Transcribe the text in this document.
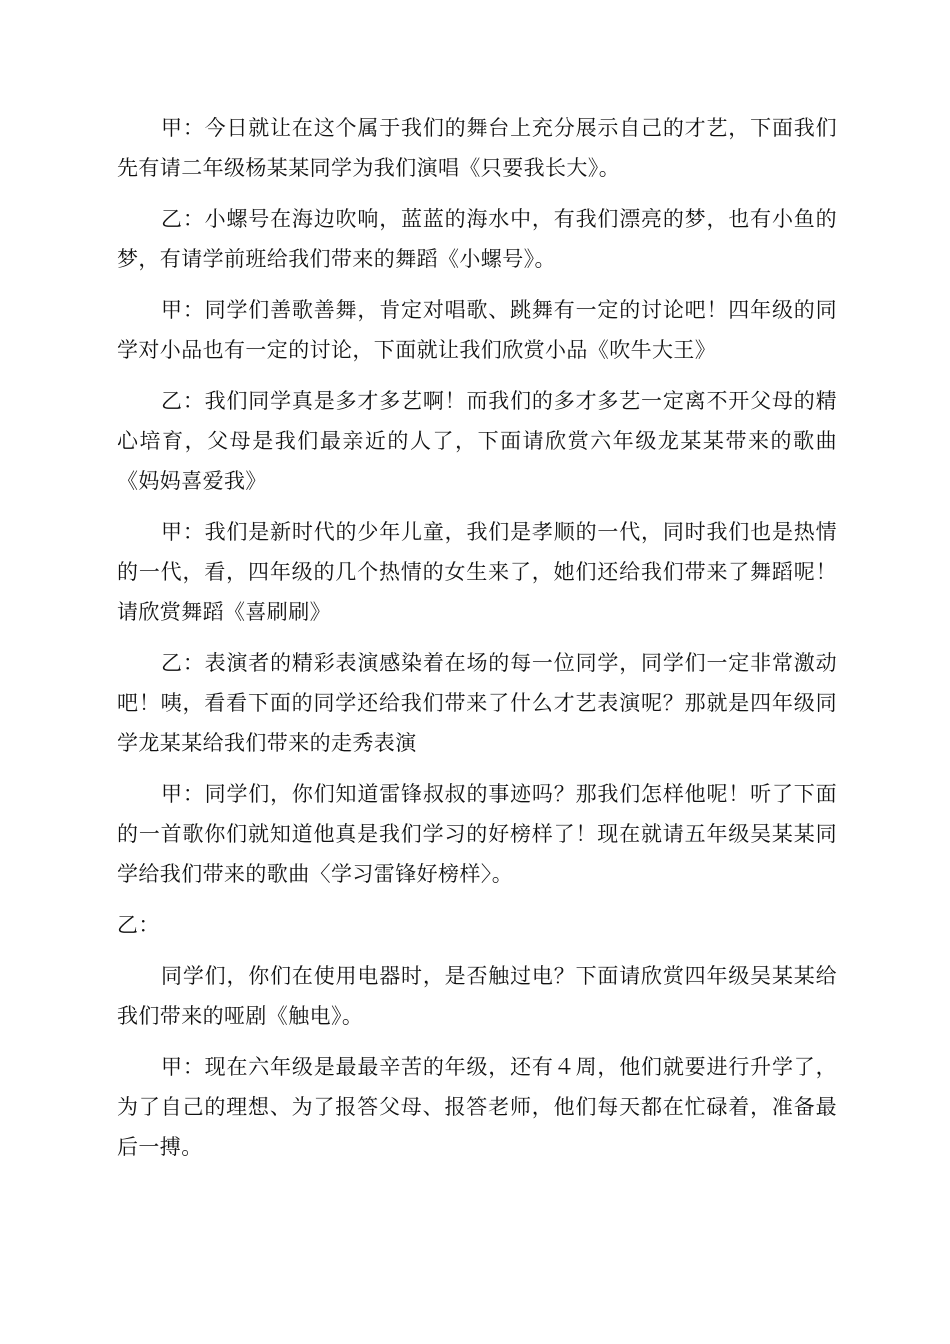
甲：今日就让在这个属于我们的舞台上充分展示自己的才艺，下面我们先有请二年级杨某某同学为我们演唱《只要我长大》。

乙：小螺号在海边吹响，蓝蓝的海水中，有我们漂亮的梦，也有小鱼的梦，有请学前班给我们带来的舞蹈《小螺号》。

甲：同学们善歌善舞，肯定对唱歌、跳舞有一定的讨论吧！四年级的同学对小品也有一定的讨论，下面就让我们欣赏小品《吹牛大王》

乙：我们同学真是多才多艺啊！而我们的多才多艺一定离不开父母的精心培育，父母是我们最亲近的人了，下面请欣赏六年级龙某某带来的歌曲《妈妈喜爱我》

甲：我们是新时代的少年儿童，我们是孝顺的一代，同时我们也是热情的一代，看，四年级的几个热情的女生来了，她们还给我们带来了舞蹈呢！请欣赏舞蹈《喜刷刷》

乙：表演者的精彩表演感染着在场的每一位同学，同学们一定非常激动吧！咦，看看下面的同学还给我们带来了什么才艺表演呢？那就是四年级同学龙某某给我们带来的走秀表演

甲：同学们，你们知道雷锋叔叔的事迹吗？那我们怎样他呢！听了下面的一首歌你们就知道他真是我们学习的好榜样了！现在就请五年级吴某某同学给我们带来的歌曲〈学习雷锋好榜样〉。

乙：

同学们，你们在使用电器时，是否触过电？下面请欣赏四年级吴某某给我们带来的哑剧《触电》。

甲：现在六年级是最最辛苦的年级，还有４周，他们就要进行升学了，为了自己的理想、为了报答父母、报答老师，他们每天都在忙碌着，准备最后一搏。
